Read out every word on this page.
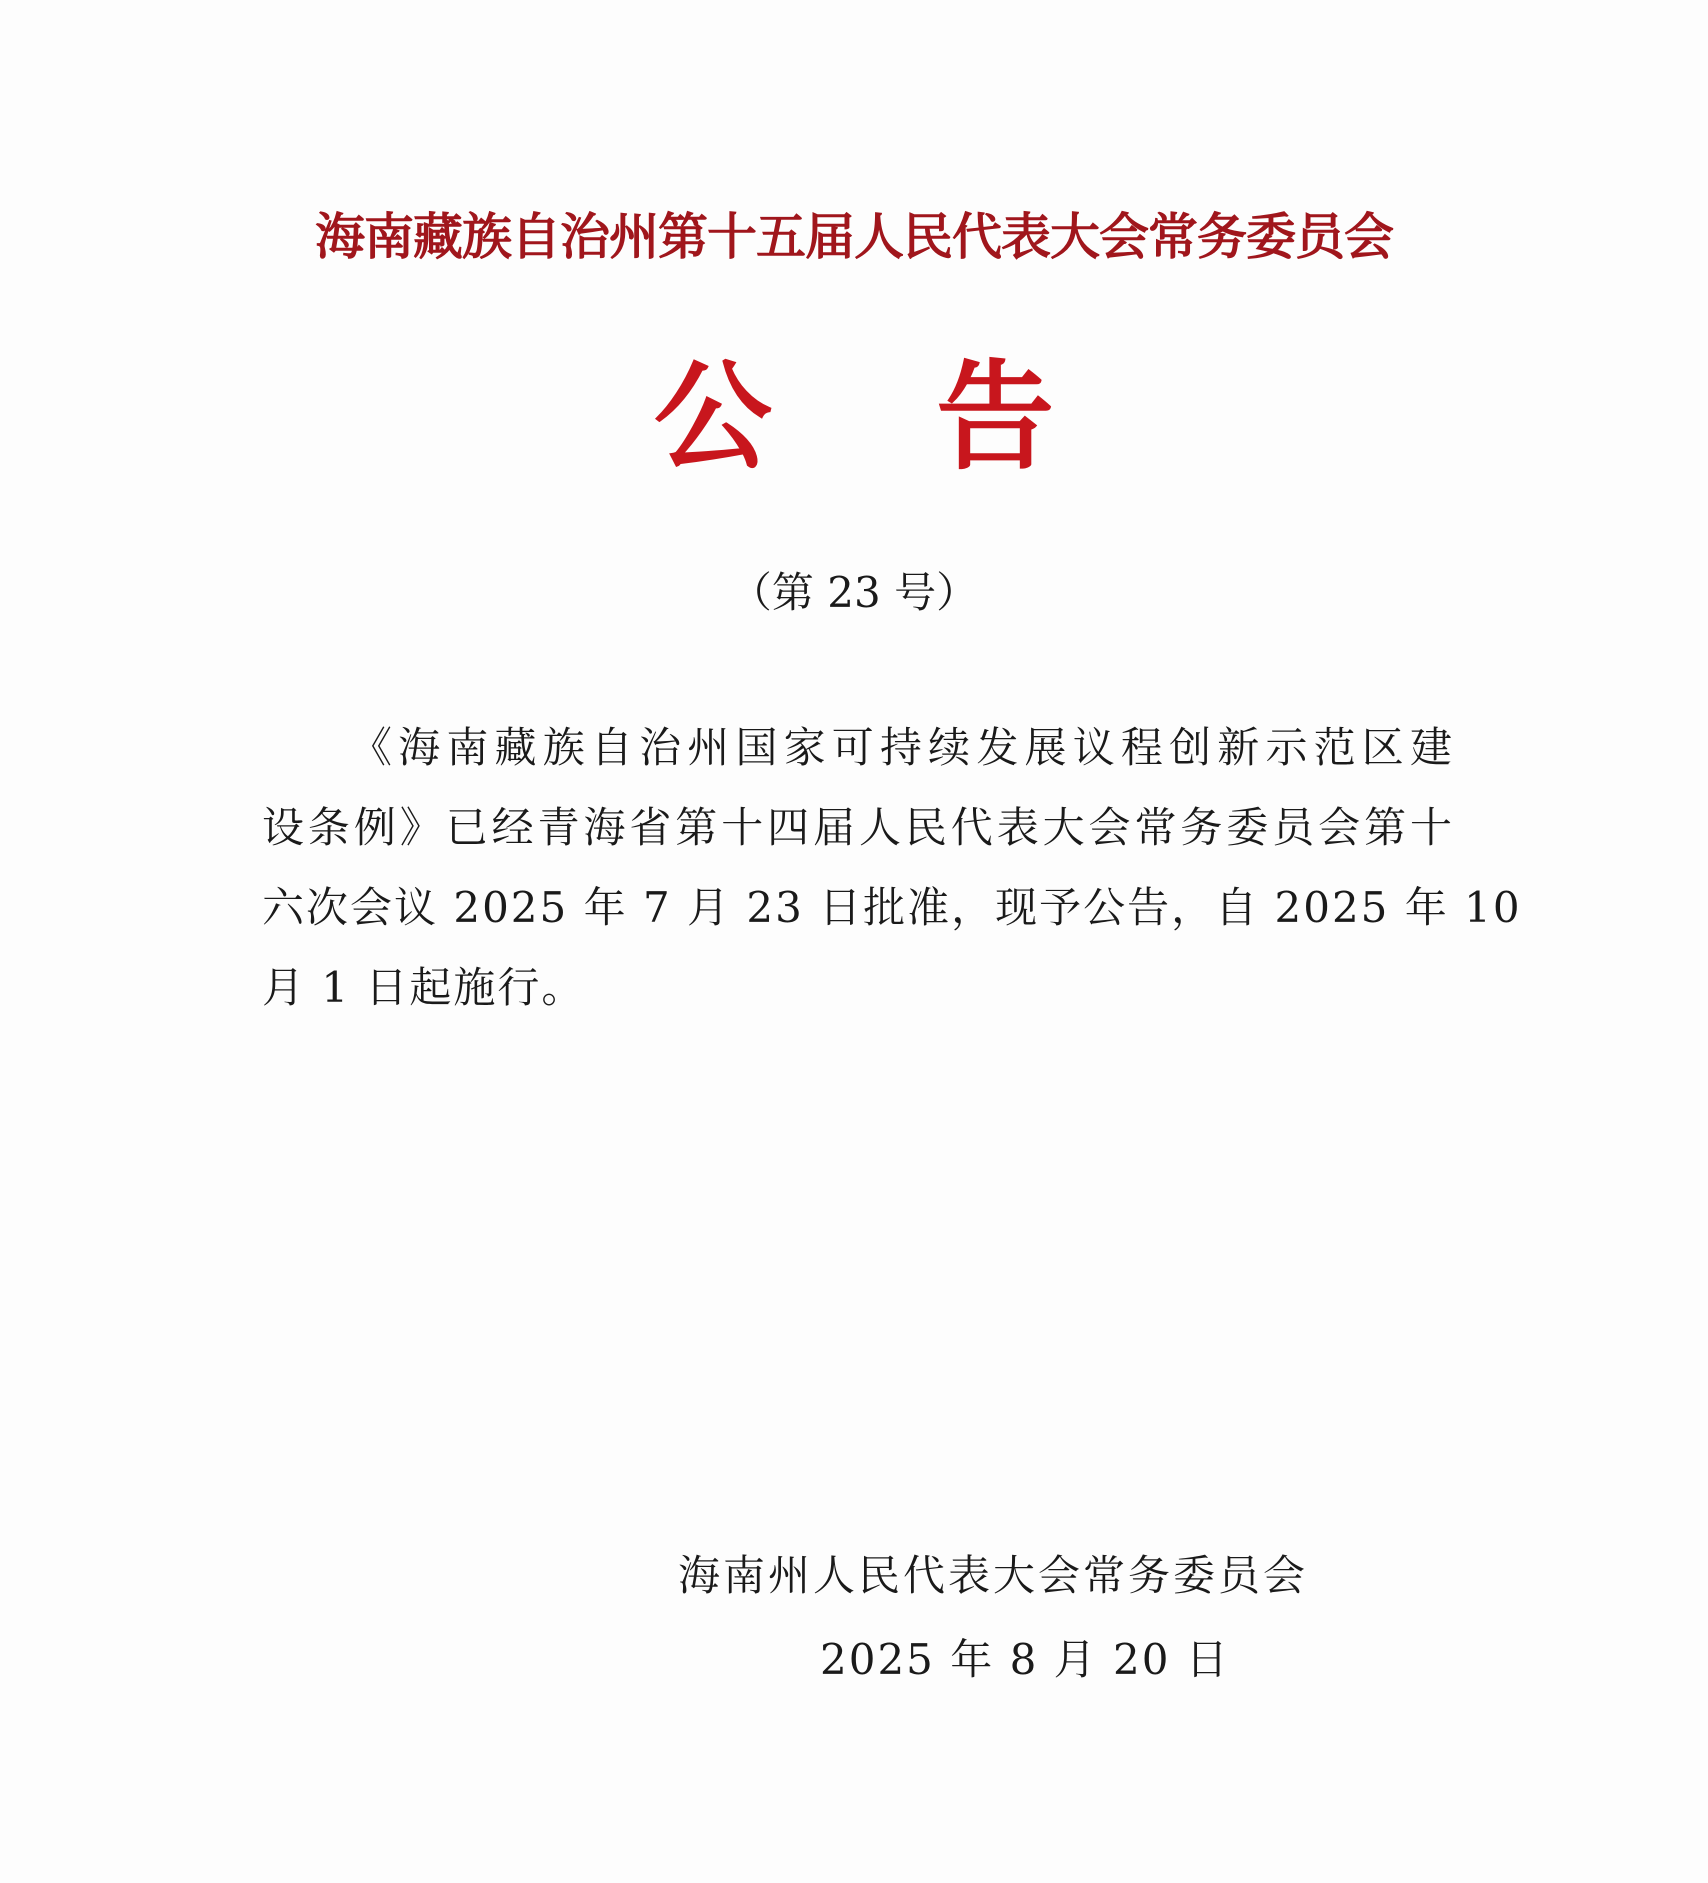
海南藏族自治州第十五届人民代表大会常务委员会
公    告
（第 23 号）
《海南藏族自治州国家可持续发展议程创新示范区建
设条例》已经青海省第十四届人民代表大会常务委员会第十
六次会议 2025 年 7 月 23 日批准，现予公告，自 2025 年 10
月 1 日起施行。
海南州人民代表大会常务委员会
2025 年 8 月 20 日
